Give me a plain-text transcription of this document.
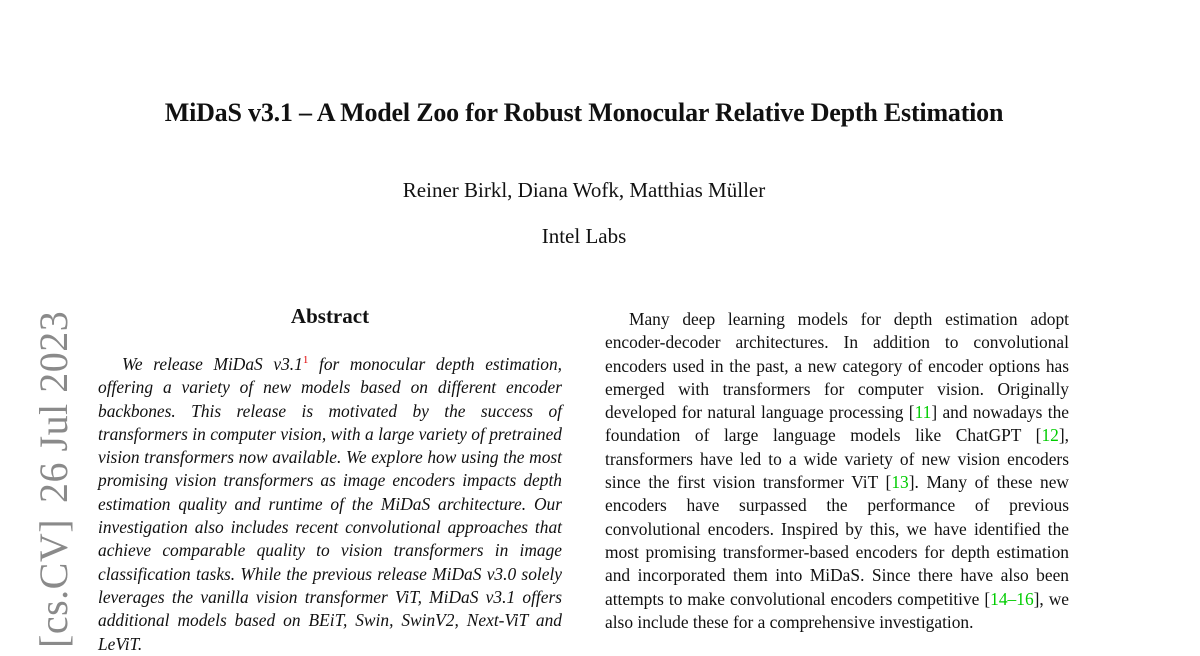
MiDaS v3.1 – A Model Zoo for Robust Monocular Relative Depth Estimation
Reiner Birkl, Diana Wofk, Matthias Müller
Intel Labs
[cs.CV]26 Jul 2023	Abstract
We release MiDaS v3.1$^1$ for monocular depth estimation, offering a variety of new models based on different encoder backbones. This release is motivated by the success of transformers in computer vision, with a large variety of pretrained vision transformers now available. We explore how using the most promising vision transformers as image encoders impacts depth estimation quality and runtime of the MiDaS architecture. Our investigation also includes recent convolutional approaches that achieve comparable quality to vision transformers in image classification tasks. While the previous release MiDaS v3.0 solely leverages the vanilla vision transformer ViT, MiDaS v3.1 offers additional models based on BEiT, Swin, SwinV2, Next-ViT and LeViT.
Many deep learning models for depth estimation adopt encoder-decoder architectures. In addition to convolutional encoders used in the past, a new category of encoder options has emerged with transformers for computer vision. Originally developed for natural language processing [11] and nowadays the foundation of large language models like ChatGPT [12], transformers have led to a wide variety of new vision encoders since the first vision transformer ViT [13]. Many of these new encoders have surpassed the performance of previous convolutional encoders. Inspired by this, we have identified the most promising transformer-based encoders for depth estimation and incorporated them into MiDaS. Since there have also been attempts to make convolutional encoders competitive [14–16], we also include these for a comprehensive investigation.
